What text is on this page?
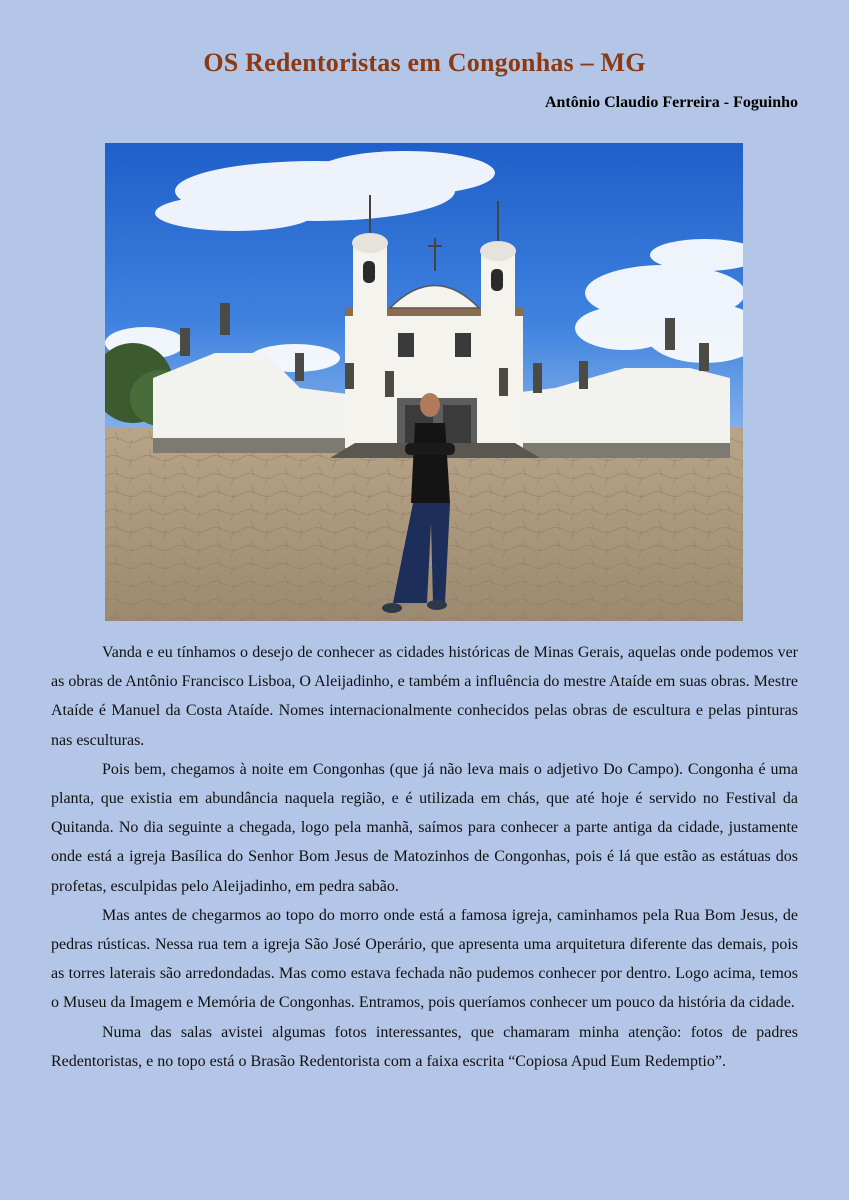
OS Redentoristas em Congonhas – MG
Antônio Claudio Ferreira - Foguinho

Vanda e eu tínhamos o desejo de conhecer as cidades históricas de Minas Gerais, aquelas onde podemos ver as obras de Antônio Francisco Lisboa, O Aleijadinho, e também a influência do mestre Ataíde em suas obras. Mestre Ataíde é Manuel da Costa Ataíde. Nomes internacionalmente conhecidos pelas obras de escultura e pelas pinturas nas esculturas.

Pois bem, chegamos à noite em Congonhas (que já não leva mais o adjetivo Do Campo). Congonha é uma planta, que existia em abundância naquela região, e é utilizada em chás, que até hoje é servido no Festival da Quitanda. No dia seguinte a chegada, logo pela manhã, saímos para conhecer a parte antiga da cidade, justamente onde está a igreja Basílica do Senhor Bom Jesus de Matozinhos de Congonhas, pois é lá que estão as estátuas dos profetas, esculpidas pelo Aleijadinho, em pedra sabão.

Mas antes de chegarmos ao topo do morro onde está a famosa igreja, caminhamos pela Rua Bom Jesus, de pedras rústicas. Nessa rua tem a igreja São José Operário, que apresenta uma arquitetura diferente das demais, pois as torres laterais são arredondadas. Mas como estava fechada não pudemos conhecer por dentro. Logo acima, temos o Museu da Imagem e Memória de Congonhas. Entramos, pois queríamos conhecer um pouco da história da cidade.

Numa das salas avistei algumas fotos interessantes, que chamaram minha atenção: fotos de padres Redentoristas, e no topo está o Brasão Redentorista com a faixa escrita “Copiosa Apud Eum Redemptio”.
